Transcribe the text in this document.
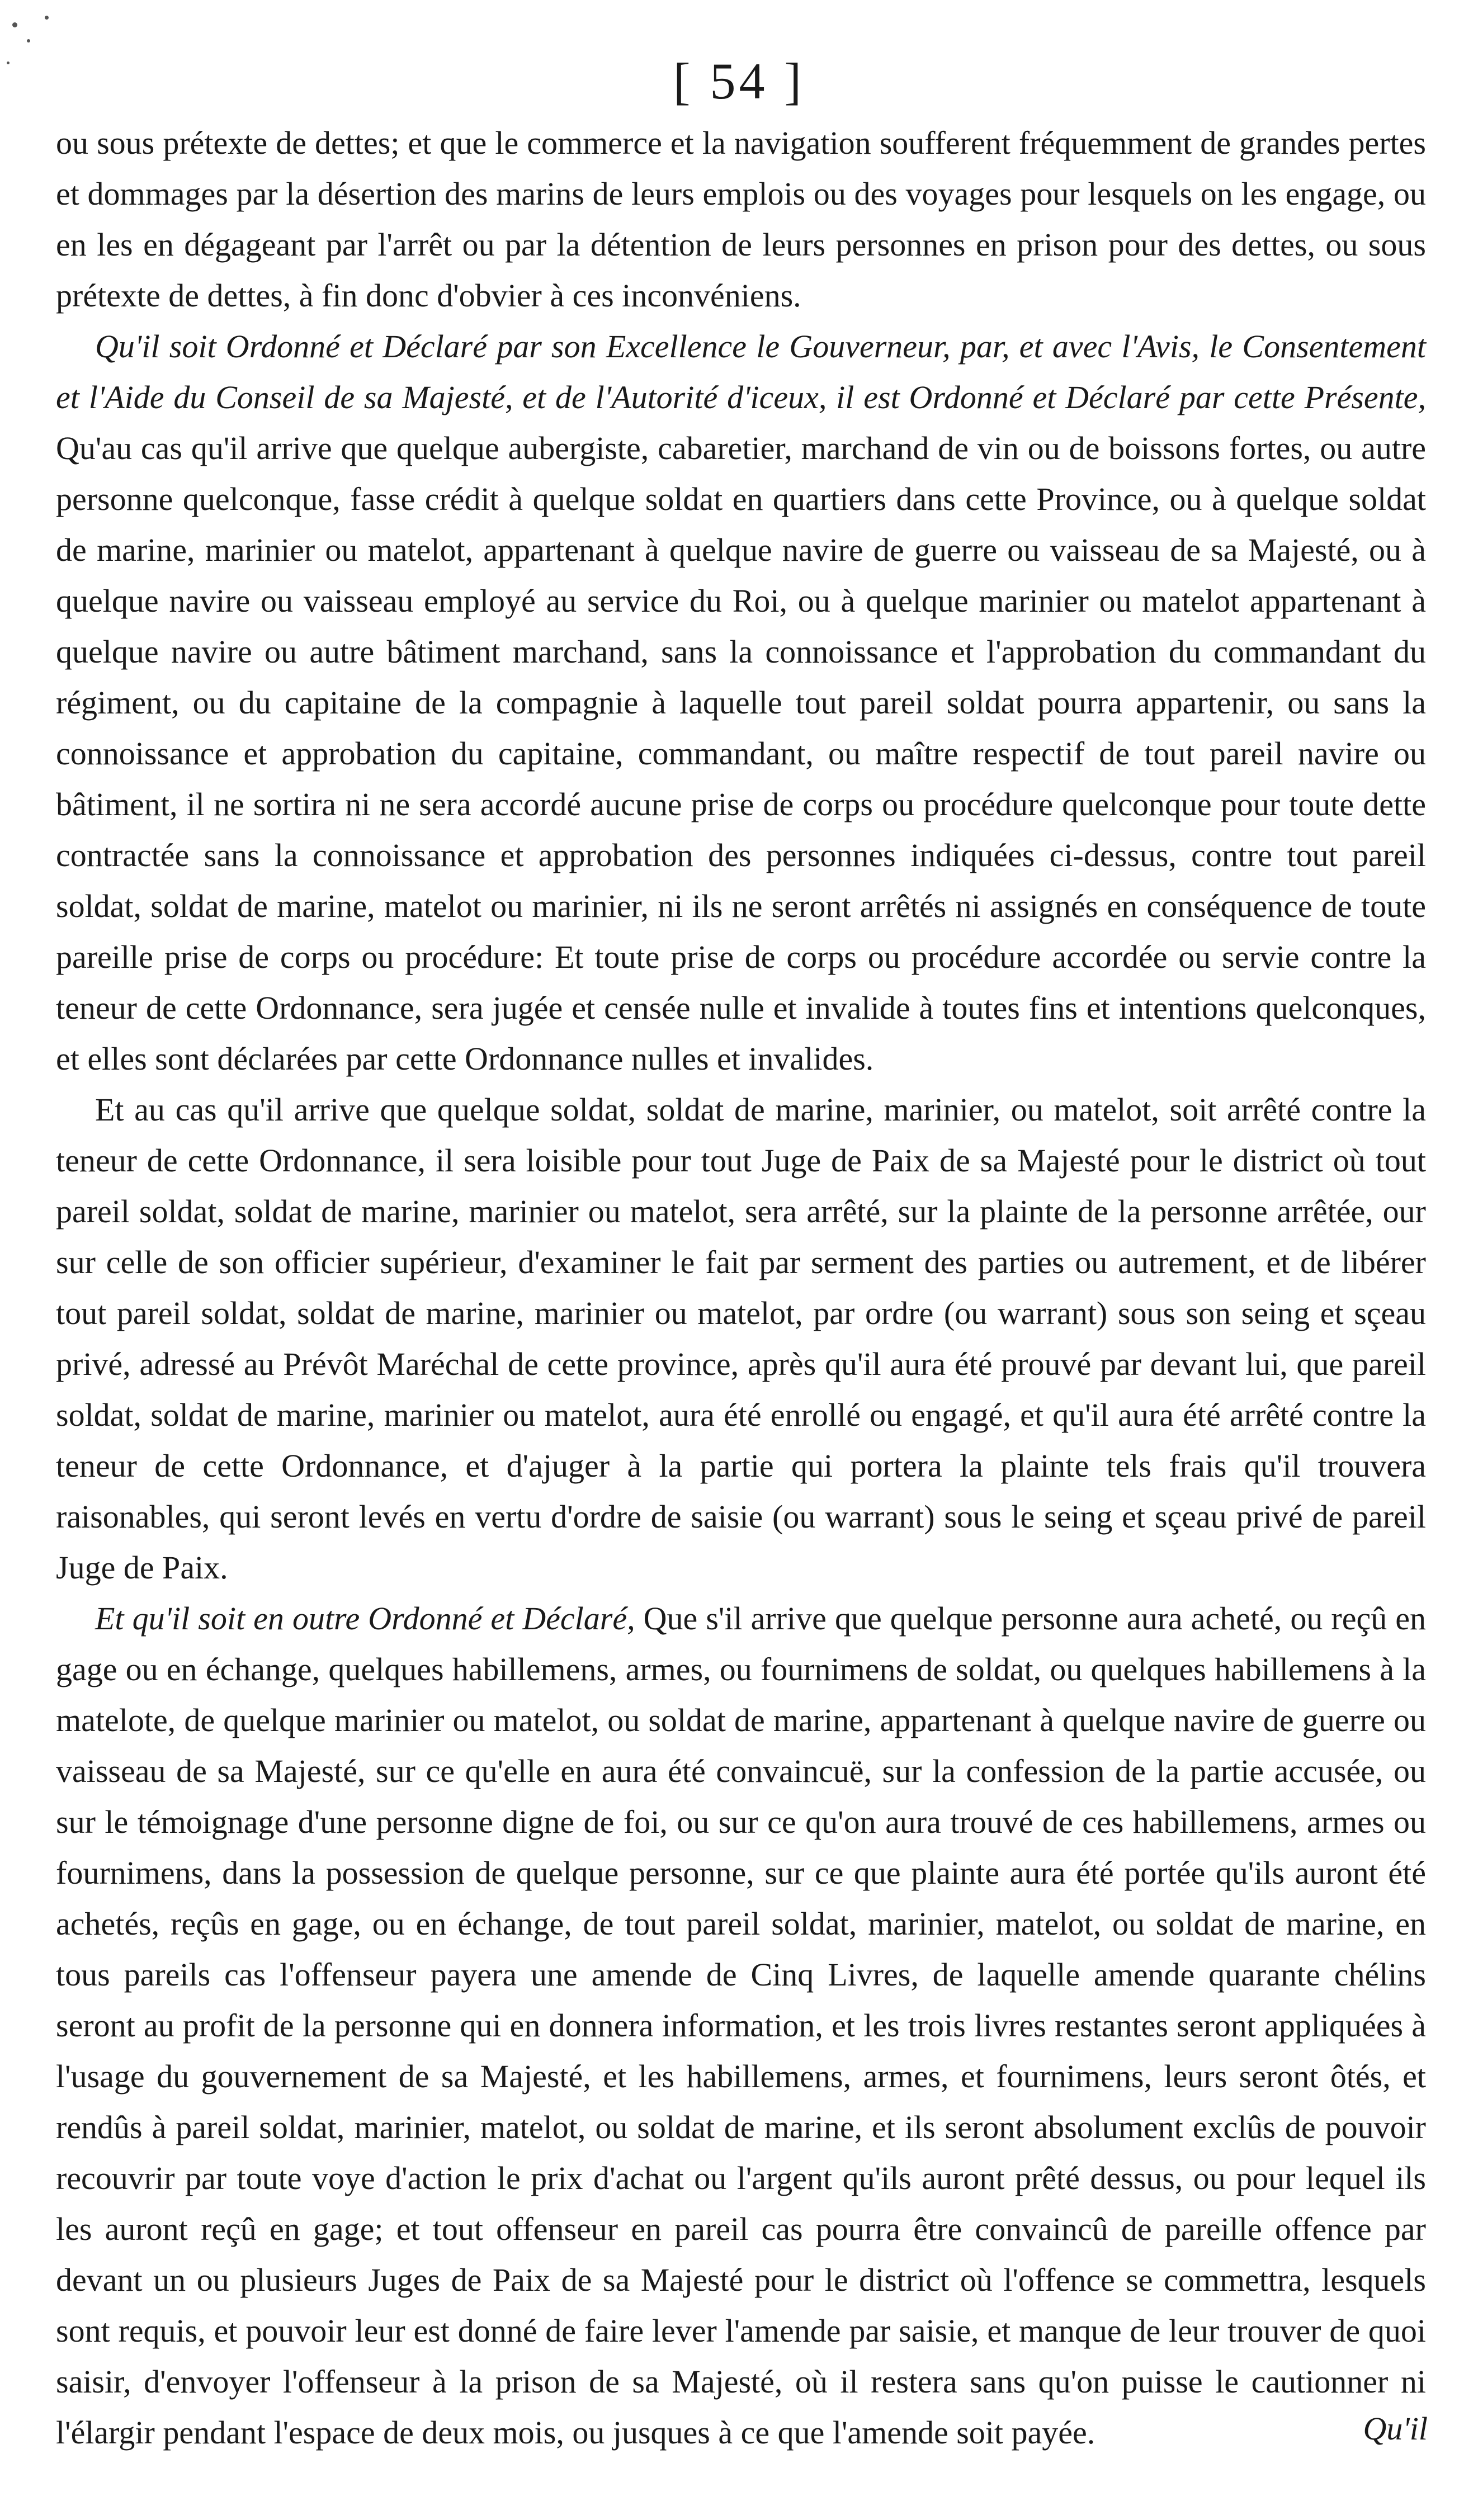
[ 54 ]

ou sous prétexte de dettes; et que le commerce et la navigation soufferent fréquemment de grandes pertes et dommages par la désertion des marins de leurs emplois ou des voyages pour lesquels on les engage, ou en les en dégageant par l'arrêt ou par la détention de leurs personnes en prison pour des dettes, ou sous prétexte de dettes, à fin donc d'obvier à ces inconvéniens.

Qu'il soit Ordonné et Déclaré par son Excellence le Gouverneur, par, et avec l'Avis, le Consentement et l'Aide du Conseil de sa Majesté, et de l'Autorité d'iceux, il est Ordonné et Déclaré par cette Présente, Qu'au cas qu'il arrive que quelque aubergiste, cabaretier, marchand de vin ou de boissons fortes, ou autre personne quelconque, fasse crédit à quelque soldat en quartiers dans cette Province, ou à quelque soldat de marine, marinier ou matelot, appartenant à quelque navire de guerre ou vaisseau de sa Majesté, ou à quelque navire ou vaisseau employé au service du Roi, ou à quelque marinier ou matelot appartenant à quelque navire ou autre bâtiment marchand, sans la connoissance et l'approbation du commandant du régiment, ou du capitaine de la compagnie à laquelle tout pareil soldat pourra appartenir, ou sans la connoissance et approbation du capitaine, commandant, ou maître respectif de tout pareil navire ou bâtiment, il ne sortira ni ne sera accordé aucune prise de corps ou procédure quelconque pour toute dette contractée sans la connoissance et approbation des personnes indiquées ci-dessus, contre tout pareil soldat, soldat de marine, matelot ou marinier, ni ils ne seront arrêtés ni assignés en conséquence de toute pareille prise de corps ou procédure: Et toute prise de corps ou procédure accordée ou servie contre la teneur de cette Ordonnance, sera jugée et censée nulle et invalide à toutes fins et intentions quelconques, et elles sont déclarées par cette Ordonnance nulles et invalides.

Et au cas qu'il arrive que quelque soldat, soldat de marine, marinier, ou matelot, soit arrêté contre la teneur de cette Ordonnance, il sera loisible pour tout Juge de Paix de sa Majesté pour le district où tout pareil soldat, soldat de marine, marinier ou matelot, sera arrêté, sur la plainte de la personne arrêtée, our sur celle de son officier supérieur, d'examiner le fait par serment des parties ou autrement, et de libérer tout pareil soldat, soldat de marine, marinier ou matelot, par ordre (ou warrant) sous son seing et sçeau privé, adressé au Prévôt Maréchal de cette province, après qu'il aura été prouvé par devant lui, que pareil soldat, soldat de marine, marinier ou matelot, aura été enrollé ou engagé, et qu'il aura été arrêté contre la teneur de cette Ordonnance, et d'ajuger à la partie qui portera la plainte tels frais qu'il trouvera raisonables, qui seront levés en vertu d'ordre de saisie (ou warrant) sous le seing et sçeau privé de pareil Juge de Paix.

Et qu'il soit en outre Ordonné et Déclaré, Que s'il arrive que quelque personne aura acheté, ou reçû en gage ou en échange, quelques habillemens, armes, ou fournimens de soldat, ou quelques habillemens à la matelote, de quelque marinier ou matelot, ou soldat de marine, appartenant à quelque navire de guerre ou vaisseau de sa Majesté, sur ce qu'elle en aura été convaincuë, sur la confession de la partie accusée, ou sur le témoignage d'une personne digne de foi, ou sur ce qu'on aura trouvé de ces habillemens, armes ou fournimens, dans la possession de quelque personne, sur ce que plainte aura été portée qu'ils auront été achetés, reçûs en gage, ou en échange, de tout pareil soldat, marinier, matelot, ou soldat de marine, en tous pareils cas l'offenseur payera une amende de Cinq Livres, de laquelle amende quarante chélins seront au profit de la personne qui en donnera information, et les trois livres restantes seront appliquées à l'usage du gouvernement de sa Majesté, et les habillemens, armes, et fournimens, leurs seront ôtés, et rendûs à pareil soldat, marinier, matelot, ou soldat de marine, et ils seront absolument exclûs de pouvoir recouvrir par toute voye d'action le prix d'achat ou l'argent qu'ils auront prêté dessus, ou pour lequel ils les auront reçû en gage; et tout offenseur en pareil cas pourra être convaincû de pareille offence par devant un ou plusieurs Juges de Paix de sa Majesté pour le district où l'offence se commettra, lesquels sont requis, et pouvoir leur est donné de faire lever l'amende par saisie, et manque de leur trouver de quoi saisir, d'envoyer l'offenseur à la prison de sa Majesté, où il restera sans qu'on puisse le cautionner ni l'élargir pendant l'espace de deux mois, ou jusques à ce que l'amende soit payée.	Qu'il
